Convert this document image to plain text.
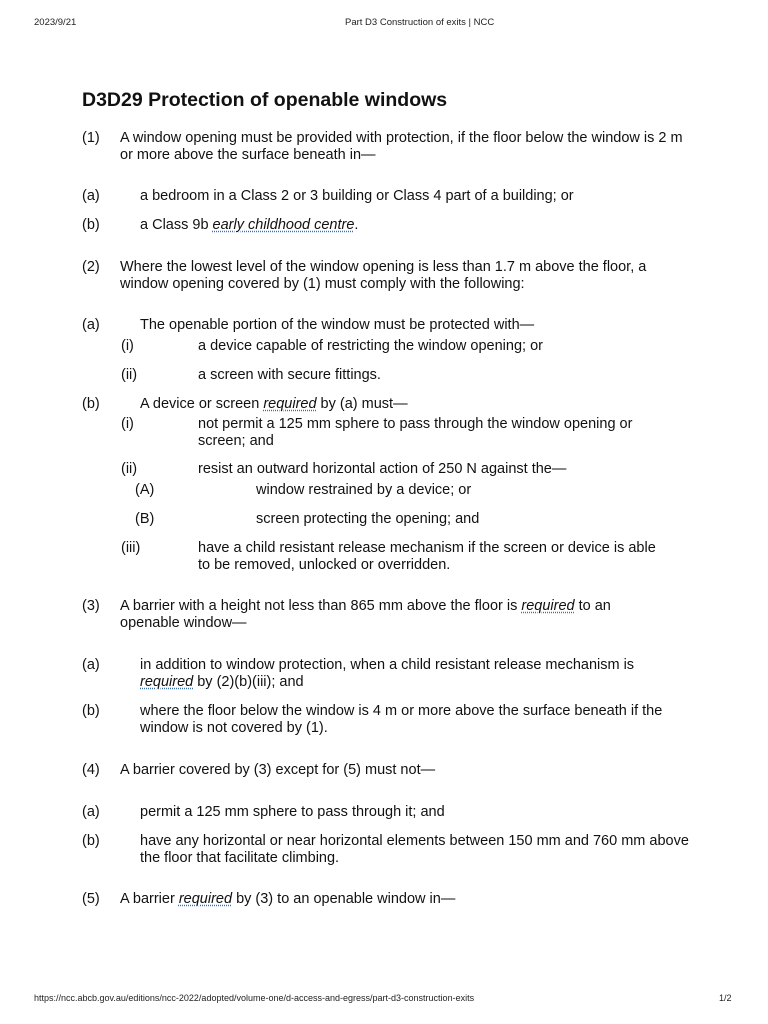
2023/9/21	Part D3 Construction of exits | NCC
D3D29 Protection of openable windows
(1) A window opening must be provided with protection, if the floor below the window is 2 m or more above the surface beneath in—
(a)	a bedroom in a Class 2 or 3 building or Class 4 part of a building; or
(b)	a Class 9b early childhood centre.
(2) Where the lowest level of the window opening is less than 1.7 m above the floor, a window opening covered by (1) must comply with the following:
(a)	The openable portion of the window must be protected with—
(i)	a device capable of restricting the window opening; or
(ii)	a screen with secure fittings.
(b)	A device or screen required by (a) must—
(i)	not permit a 125 mm sphere to pass through the window opening or screen; and
(ii)	resist an outward horizontal action of 250 N against the—
(A)	window restrained by a device; or
(B)	screen protecting the opening; and
(iii)	have a child resistant release mechanism if the screen or device is able to be removed, unlocked or overridden.
(3) A barrier with a height not less than 865 mm above the floor is required to an
openable window—
(a)	in addition to window protection, when a child resistant release mechanism is
required by (2)(b)(iii); and
(b)	where the floor below the window is 4 m or more above the surface beneath if the window is not covered by (1).
(4) A barrier covered by (3) except for (5) must not—
(a)	permit a 125 mm sphere to pass through it; and
(b)	have any horizontal or near horizontal elements between 150 mm and 760 mm above the floor that facilitate climbing.
(5) A barrier required by (3) to an openable window in—
https://ncc.abcb.gov.au/editions/ncc-2022/adopted/volume-one/d-access-and-egress/part-d3-construction-exits	1/2
